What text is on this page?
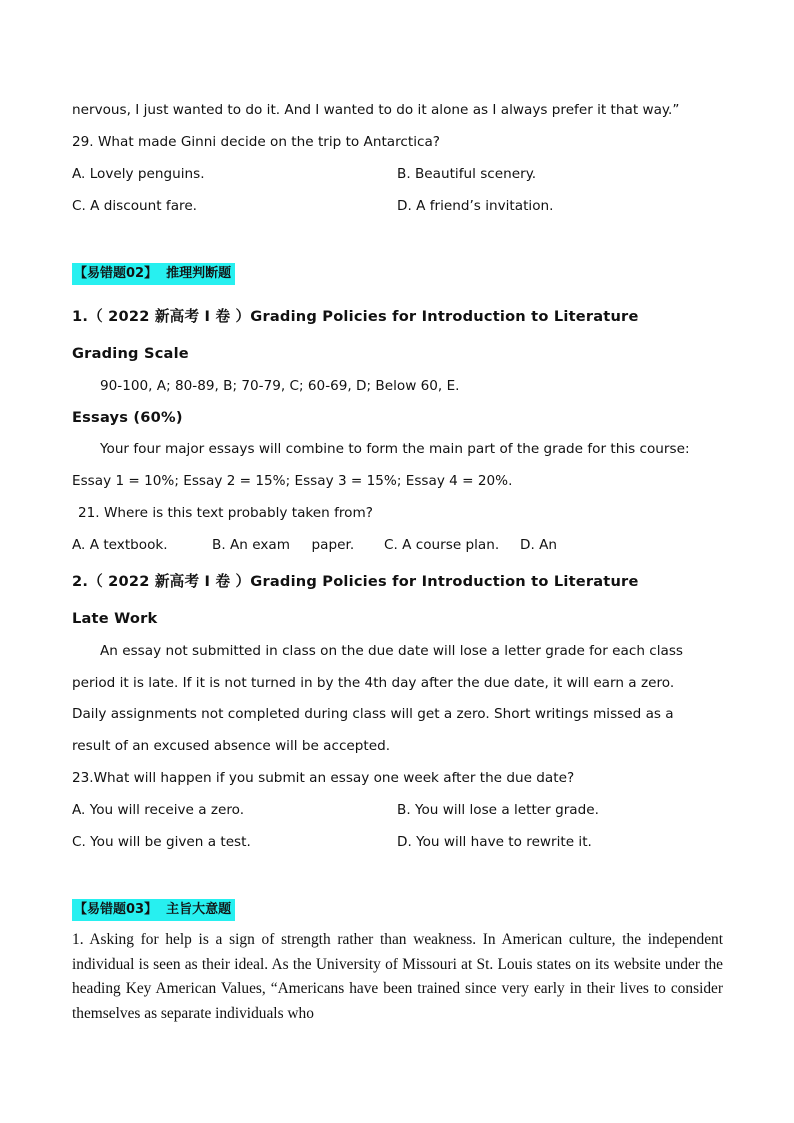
nervous, I just wanted to do it. And I wanted to do it alone as I always prefer it that way.”
29. What made Ginni decide on the trip to Antarctica?
A. Lovely penguins.	B. Beautiful scenery.
C. A discount fare.	D. A friend’s invitation.
【易错题02】 推理判断题
1.（ 2022 新高考 I 卷 ）Grading Policies for Introduction to Literature
Grading Scale
90-100, A; 80-89, B; 70-79, C; 60-69, D; Below 60, E.
Essays (60%)
Your four major essays will combine to form the main part of the grade for this course:
Essay 1 = 10%; Essay 2 = 15%; Essay 3 = 15%; Essay 4 = 20%.
21. Where is this text probably taken from?
A. A textbook.	B. An exam     paper. C. A course plan. D. An
2.（ 2022 新高考 I 卷 ）Grading Policies for Introduction to Literature
Late Work
An essay not submitted in class on the due date will lose a letter grade for each class
period it is late. If it is not turned in by the 4th day after the due date, it will earn a zero.
Daily assignments not completed during class will get a zero. Short writings missed as a
result of an excused absence will be accepted.
23.What will happen if you submit an essay one week after the due date?
A. You will receive a zero.	B. You will lose a letter grade.
C. You will be given a test.	D. You will have to rewrite it.
【易错题03】 主旨大意题
1. Asking for help is a sign of strength rather than weakness. In American culture, the independent individual is seen as their ideal. As the University of Missouri at St. Louis states on its website under the heading Key American Values, “Americans have been trained since very early in their lives to consider themselves as separate individuals who
